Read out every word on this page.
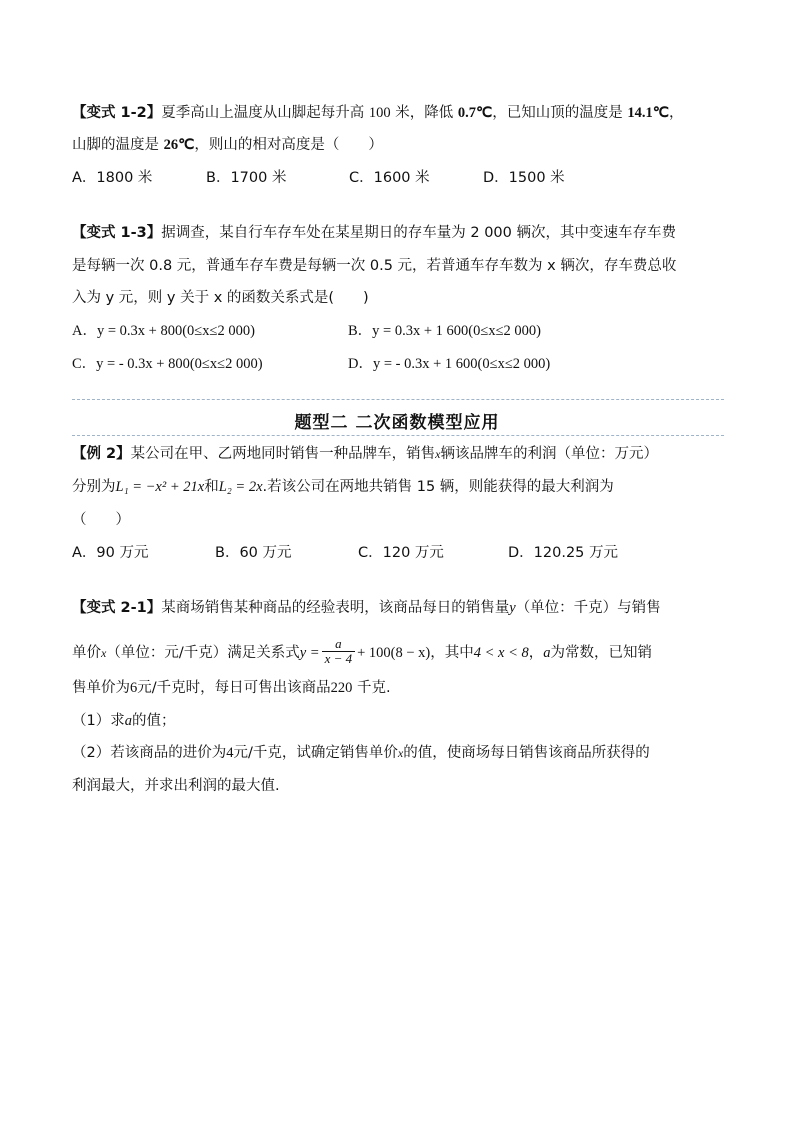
【变式 1-2】夏季高山上温度从山脚起每升高 100 米，降低 0.7℃，已知山顶的温度是 14.1℃，
山脚的温度是 26℃，则山的相对高度是（　　）
A．1800 米	B．1700 米	C．1600 米	D．1500 米
【变式 1-3】据调查，某自行车存车处在某星期日的存车量为 2 000 辆次，其中变速车存车费
是每辆一次 0.8 元，普通车存车费是每辆一次 0.5 元，若普通车存车数为 x 辆次，存车费总收
入为 y 元，则 y 关于 x 的函数关系式是(　　)
A．y = 0.3x + 800(0≤x≤2 000)	B．y = 0.3x + 1 600(0≤x≤2 000)
C．y = - 0.3x + 800(0≤x≤2 000)	D．y = - 0.3x + 1 600(0≤x≤2 000)
题型二 二次函数模型应用
【例 2】某公司在甲、乙两地同时销售一种品牌车，销售x辆该品牌车的利润（单位：万元）
分别为L₁ = −x² + 21x和L₂ = 2x.若该公司在两地共销售 15 辆，则能获得的最大利润为
（　　）
A．90 万元	B．60 万元	C．120 万元	D．120.25 万元
【变式 2-1】某商场销售某种商品的经验表明，该商品每日的销售量y（单位：千克）与销售
单价x（单位：元/千克）满足关系式$y = \frac{a}{x - 4} + 100(8 - x)$，其中4 < x < 8，a为常数，已知销
售单价为6元/千克时，每日可售出该商品220 千克.
（1）求a的值；
（2）若该商品的进价为4元/千克，试确定销售单价x的值，使商场每日销售该商品所获得的
利润最大，并求出利润的最大值.
